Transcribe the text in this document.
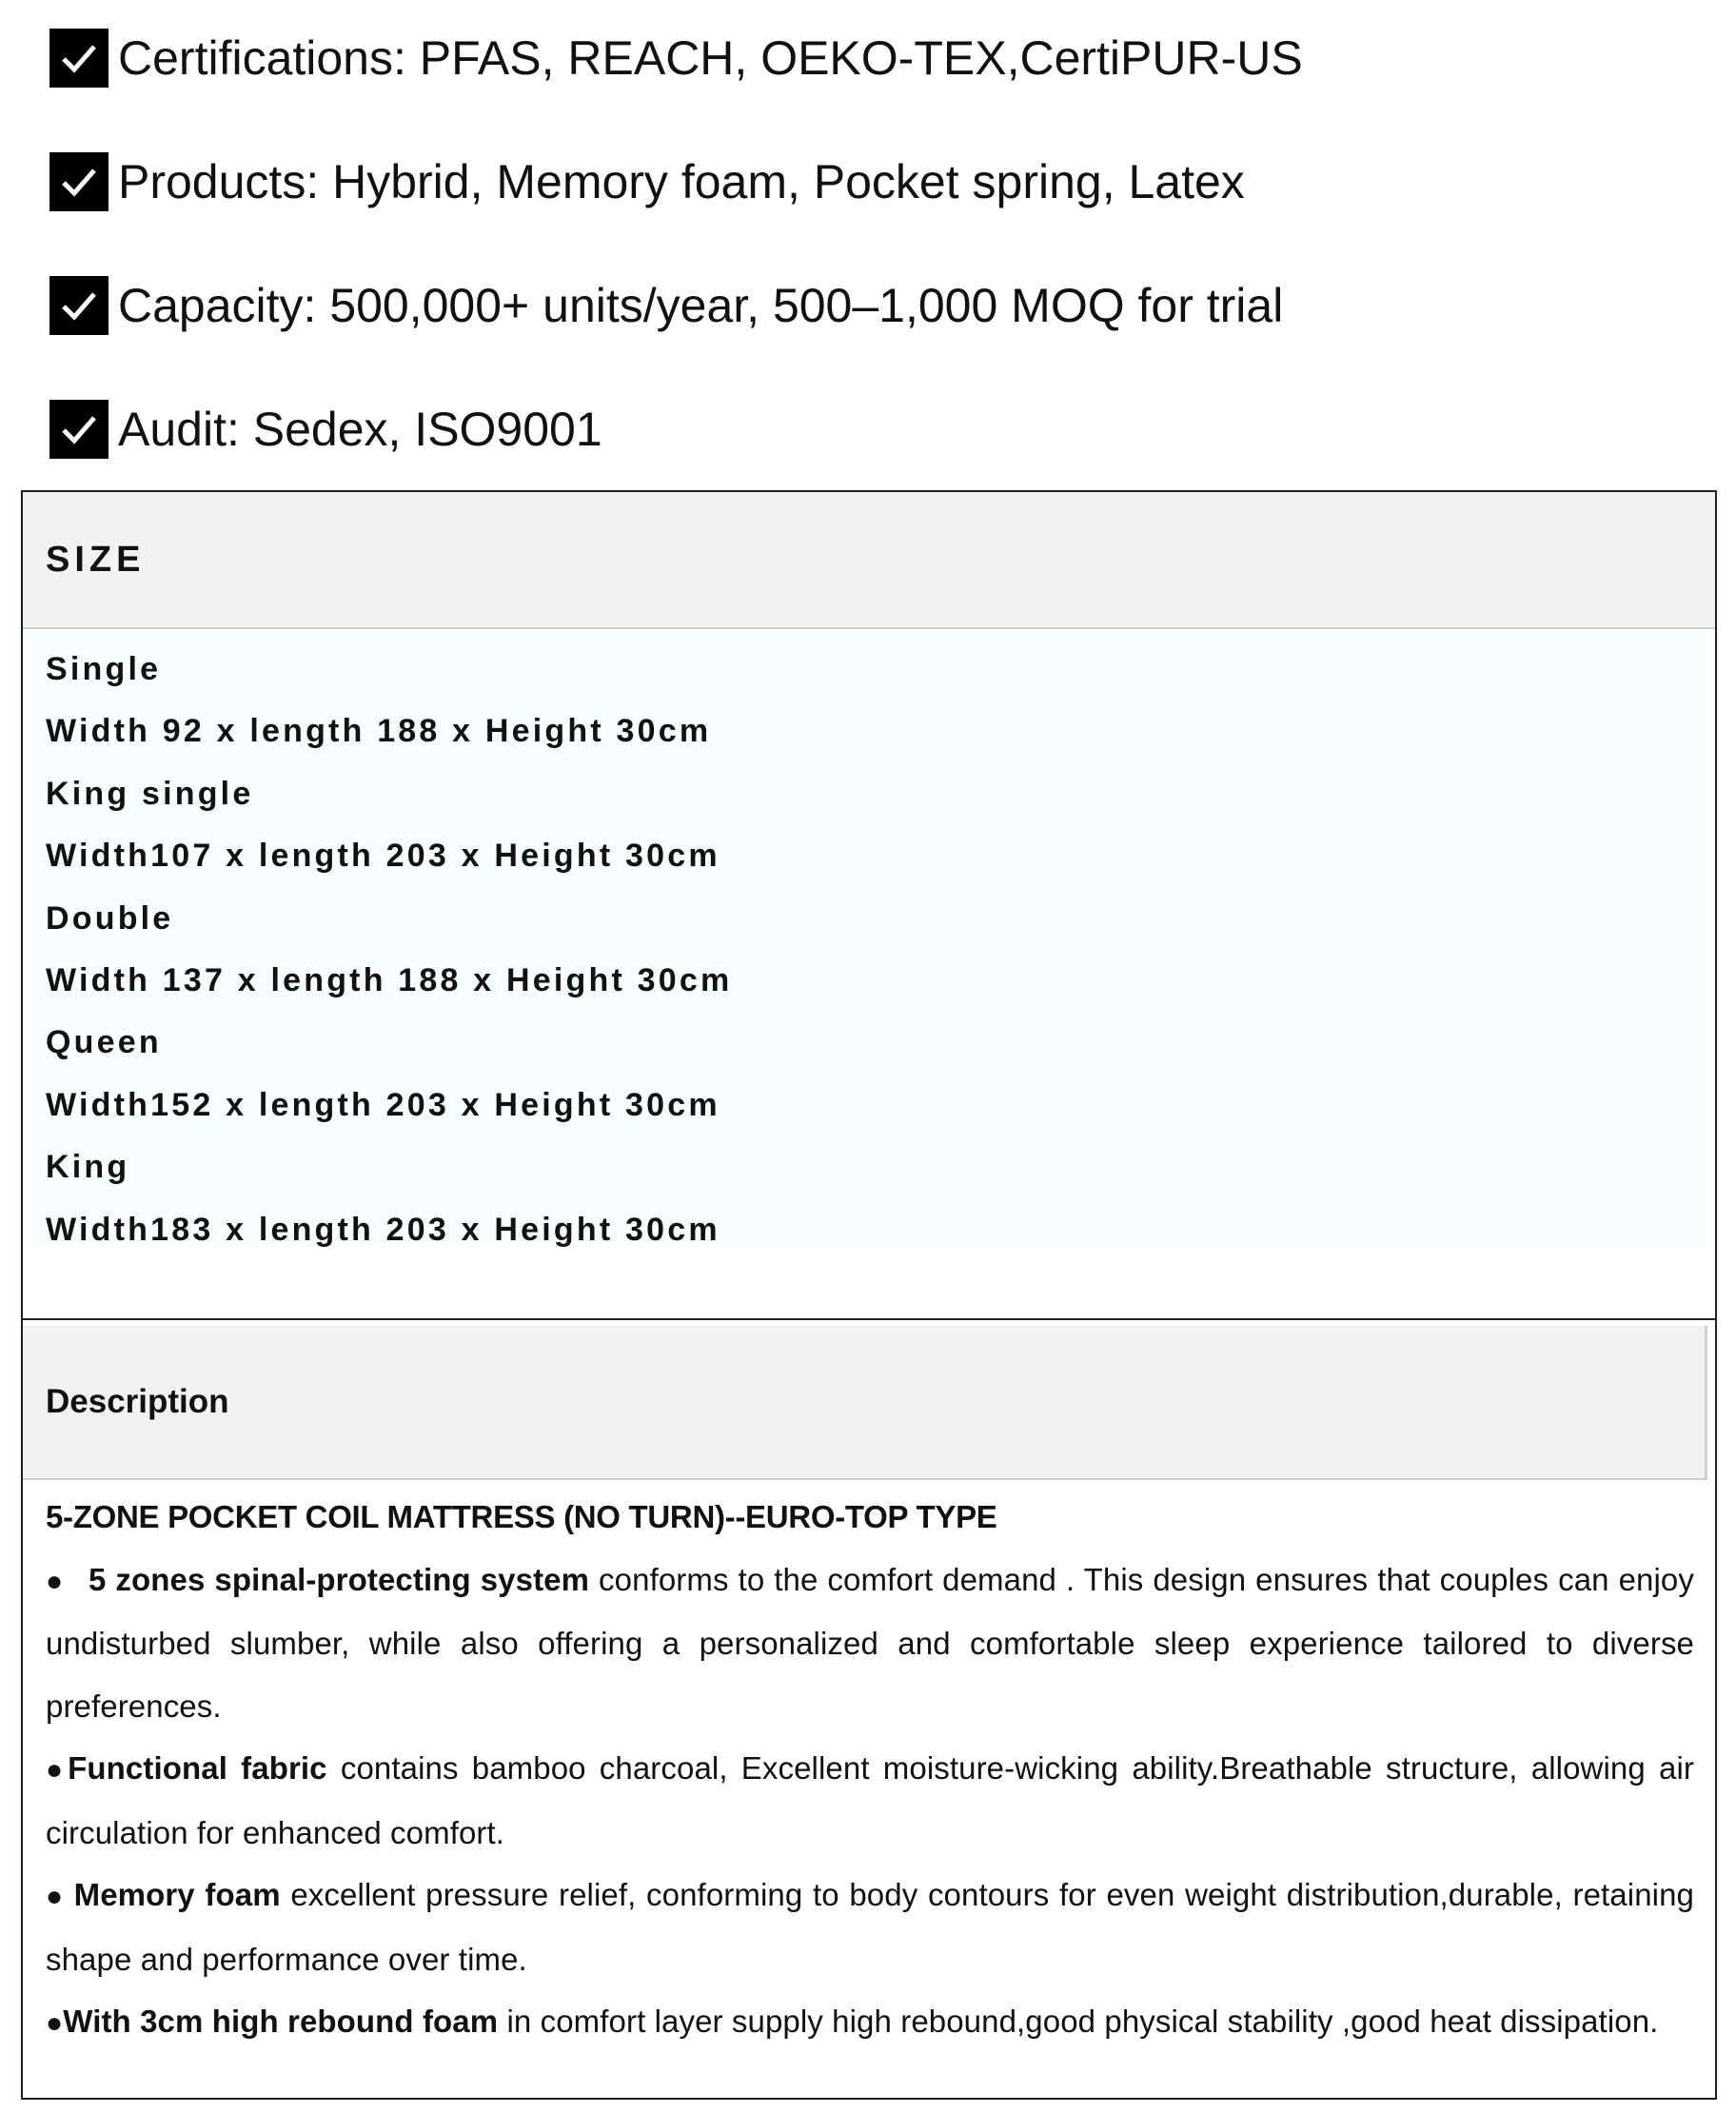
Certifications: PFAS, REACH, OEKO-TEX,CertiPUR-US
Products: Hybrid, Memory foam, Pocket spring, Latex
Capacity: 500,000+ units/year, 500–1,000 MOQ for trial
Audit: Sedex, ISO9001
SIZE
Single
Width 92 x length 188 x Height 30cm
King single
Width107 x length 203 x Height 30cm
Double
Width 137 x length 188 x Height 30cm
Queen
Width152 x length 203 x Height 30cm
King
Width183 x length 203 x Height 30cm
Description
5-ZONE POCKET COIL MATTRESS (NO TURN)--EURO-TOP TYPE
● 5 zones spinal-protecting system conforms to the comfort demand . This design ensures that couples can enjoy undisturbed slumber, while also offering a personalized and comfortable sleep experience tailored to diverse preferences.
●Functional fabric contains bamboo charcoal, Excellent moisture-wicking ability.Breathable structure, allowing air circulation for enhanced comfort.
● Memory foam excellent pressure relief, conforming to body contours for even weight distribution,durable, retaining shape and performance over time.
●With 3cm high rebound foam in comfort layer supply high rebound,good physical stability ,good heat dissipation.
